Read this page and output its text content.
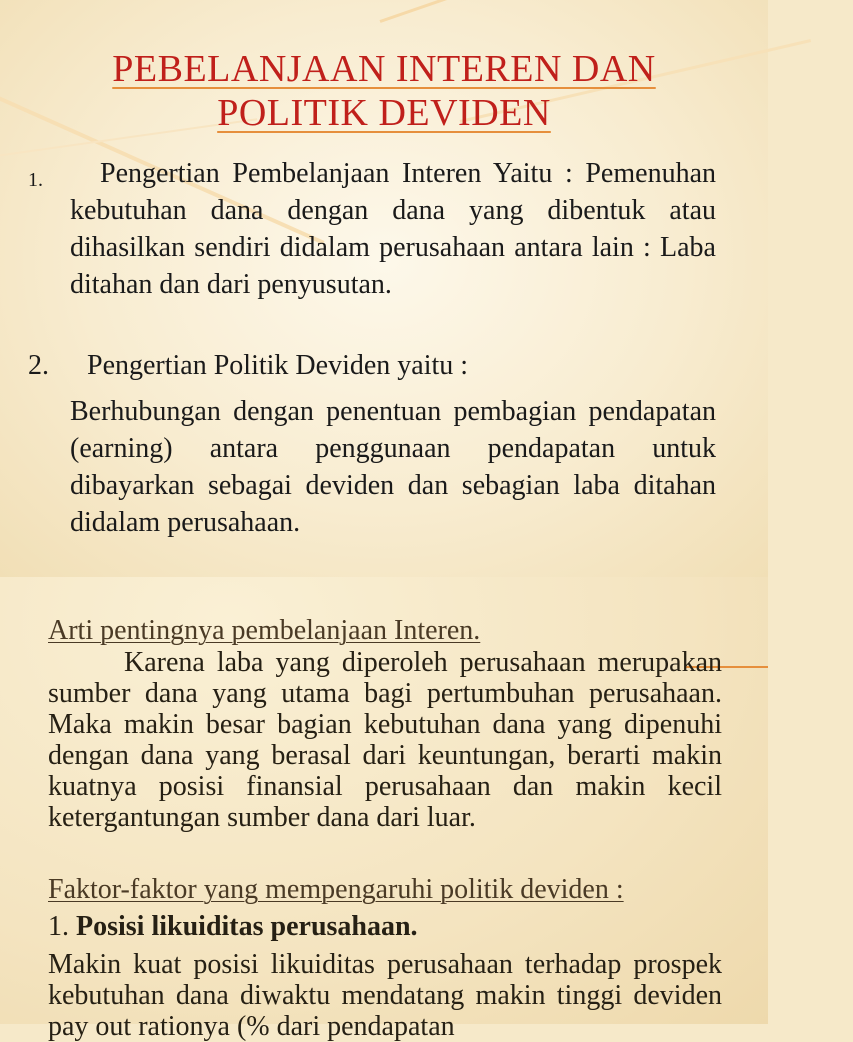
PEBELANJAAN INTEREN DAN
POLITIK DEVIDEN
1.	Pengertian Pembelanjaan Interen Yaitu : Pemenuhan kebutuhan dana dengan dana yang dibentuk atau dihasilkan sendiri didalam perusahaan antara lain : Laba ditahan dan dari penyusutan.
2. Pengertian Politik Deviden yaitu :
Berhubungan dengan penentuan pembagian pendapatan (earning) antara penggunaan pendapatan untuk dibayarkan sebagai deviden dan sebagian laba ditahan didalam perusahaan.
Arti pentingnya pembelanjaan Interen.
Karena laba yang diperoleh perusahaan merupakan sumber dana yang utama bagi pertumbuhan perusahaan. Maka makin besar bagian kebutuhan dana yang dipenuhi dengan dana yang berasal dari keuntungan, berarti makin kuatnya posisi finansial perusahaan dan makin kecil ketergantungan sumber dana dari luar.
Faktor-faktor yang mempengaruhi politik deviden :
1. Posisi likuiditas perusahaan.
Makin kuat posisi likuiditas perusahaan terhadap prospek kebutuhan dana diwaktu mendatang makin tinggi deviden pay out rationya (% dari pendapatan
